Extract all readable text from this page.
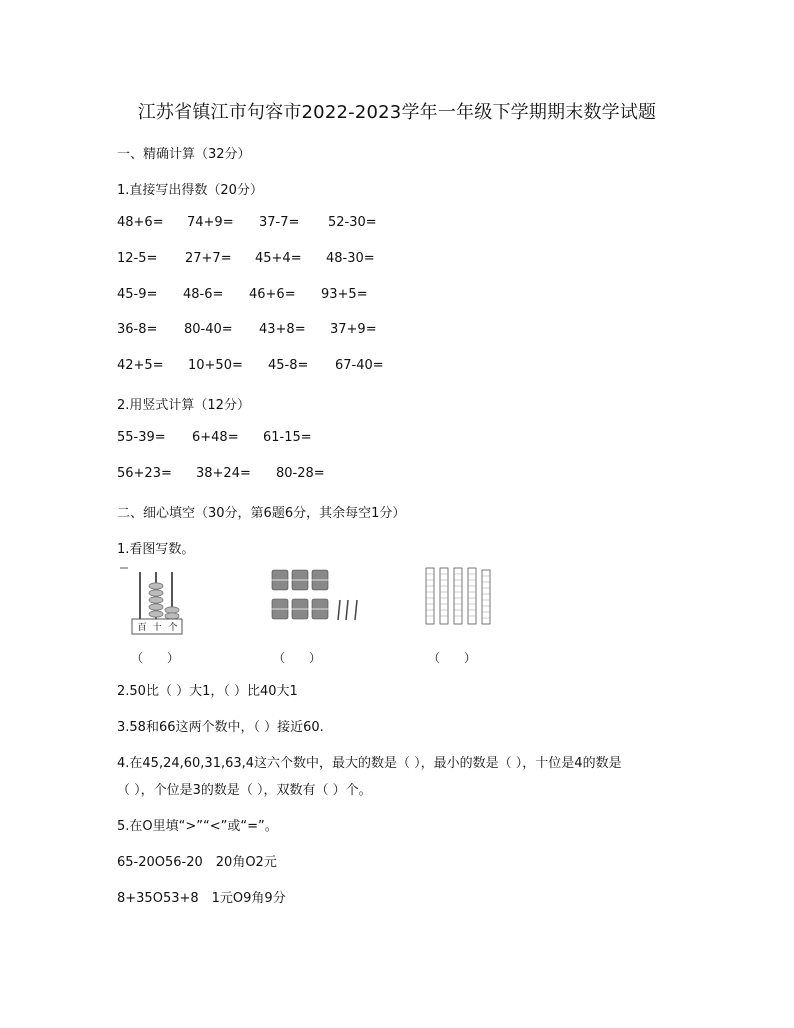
江苏省镇江市句容市2022-2023学年一年级下学期期末数学试题
一、精确计算（32分）
1.直接写出得数（20分）
48+6= 74+9= 37-7= 52-30=
12-5= 27+7= 45+4= 48-30=
45-9= 48-6= 46+6= 93+5=
36-8= 80-40= 43+8= 37+9=
42+5= 10+50= 45-8= 67-40=
2.用竖式计算（12分）
55-39= 6+48= 61-15=
56+23= 38+24= 80-28=
二、细心填空（30分，第6题6分，其余每空1分）
1.看图写数。
百 十 个
（　　）	（　　）	（　　）
2.50比（ ）大1，（ ）比40大1
3.58和66这两个数中，（ ）接近60.
4.在45,24,60,31,63,4这六个数中，最大的数是（ ），最小的数是（ ），十位是4的数是
（ ），个位是3的数是（ ），双数有（ ）个。
5.在O里填“>”“<”或“=”。
65-20O56-20　20角O2元
8+35O53+8　1元O9角9分
